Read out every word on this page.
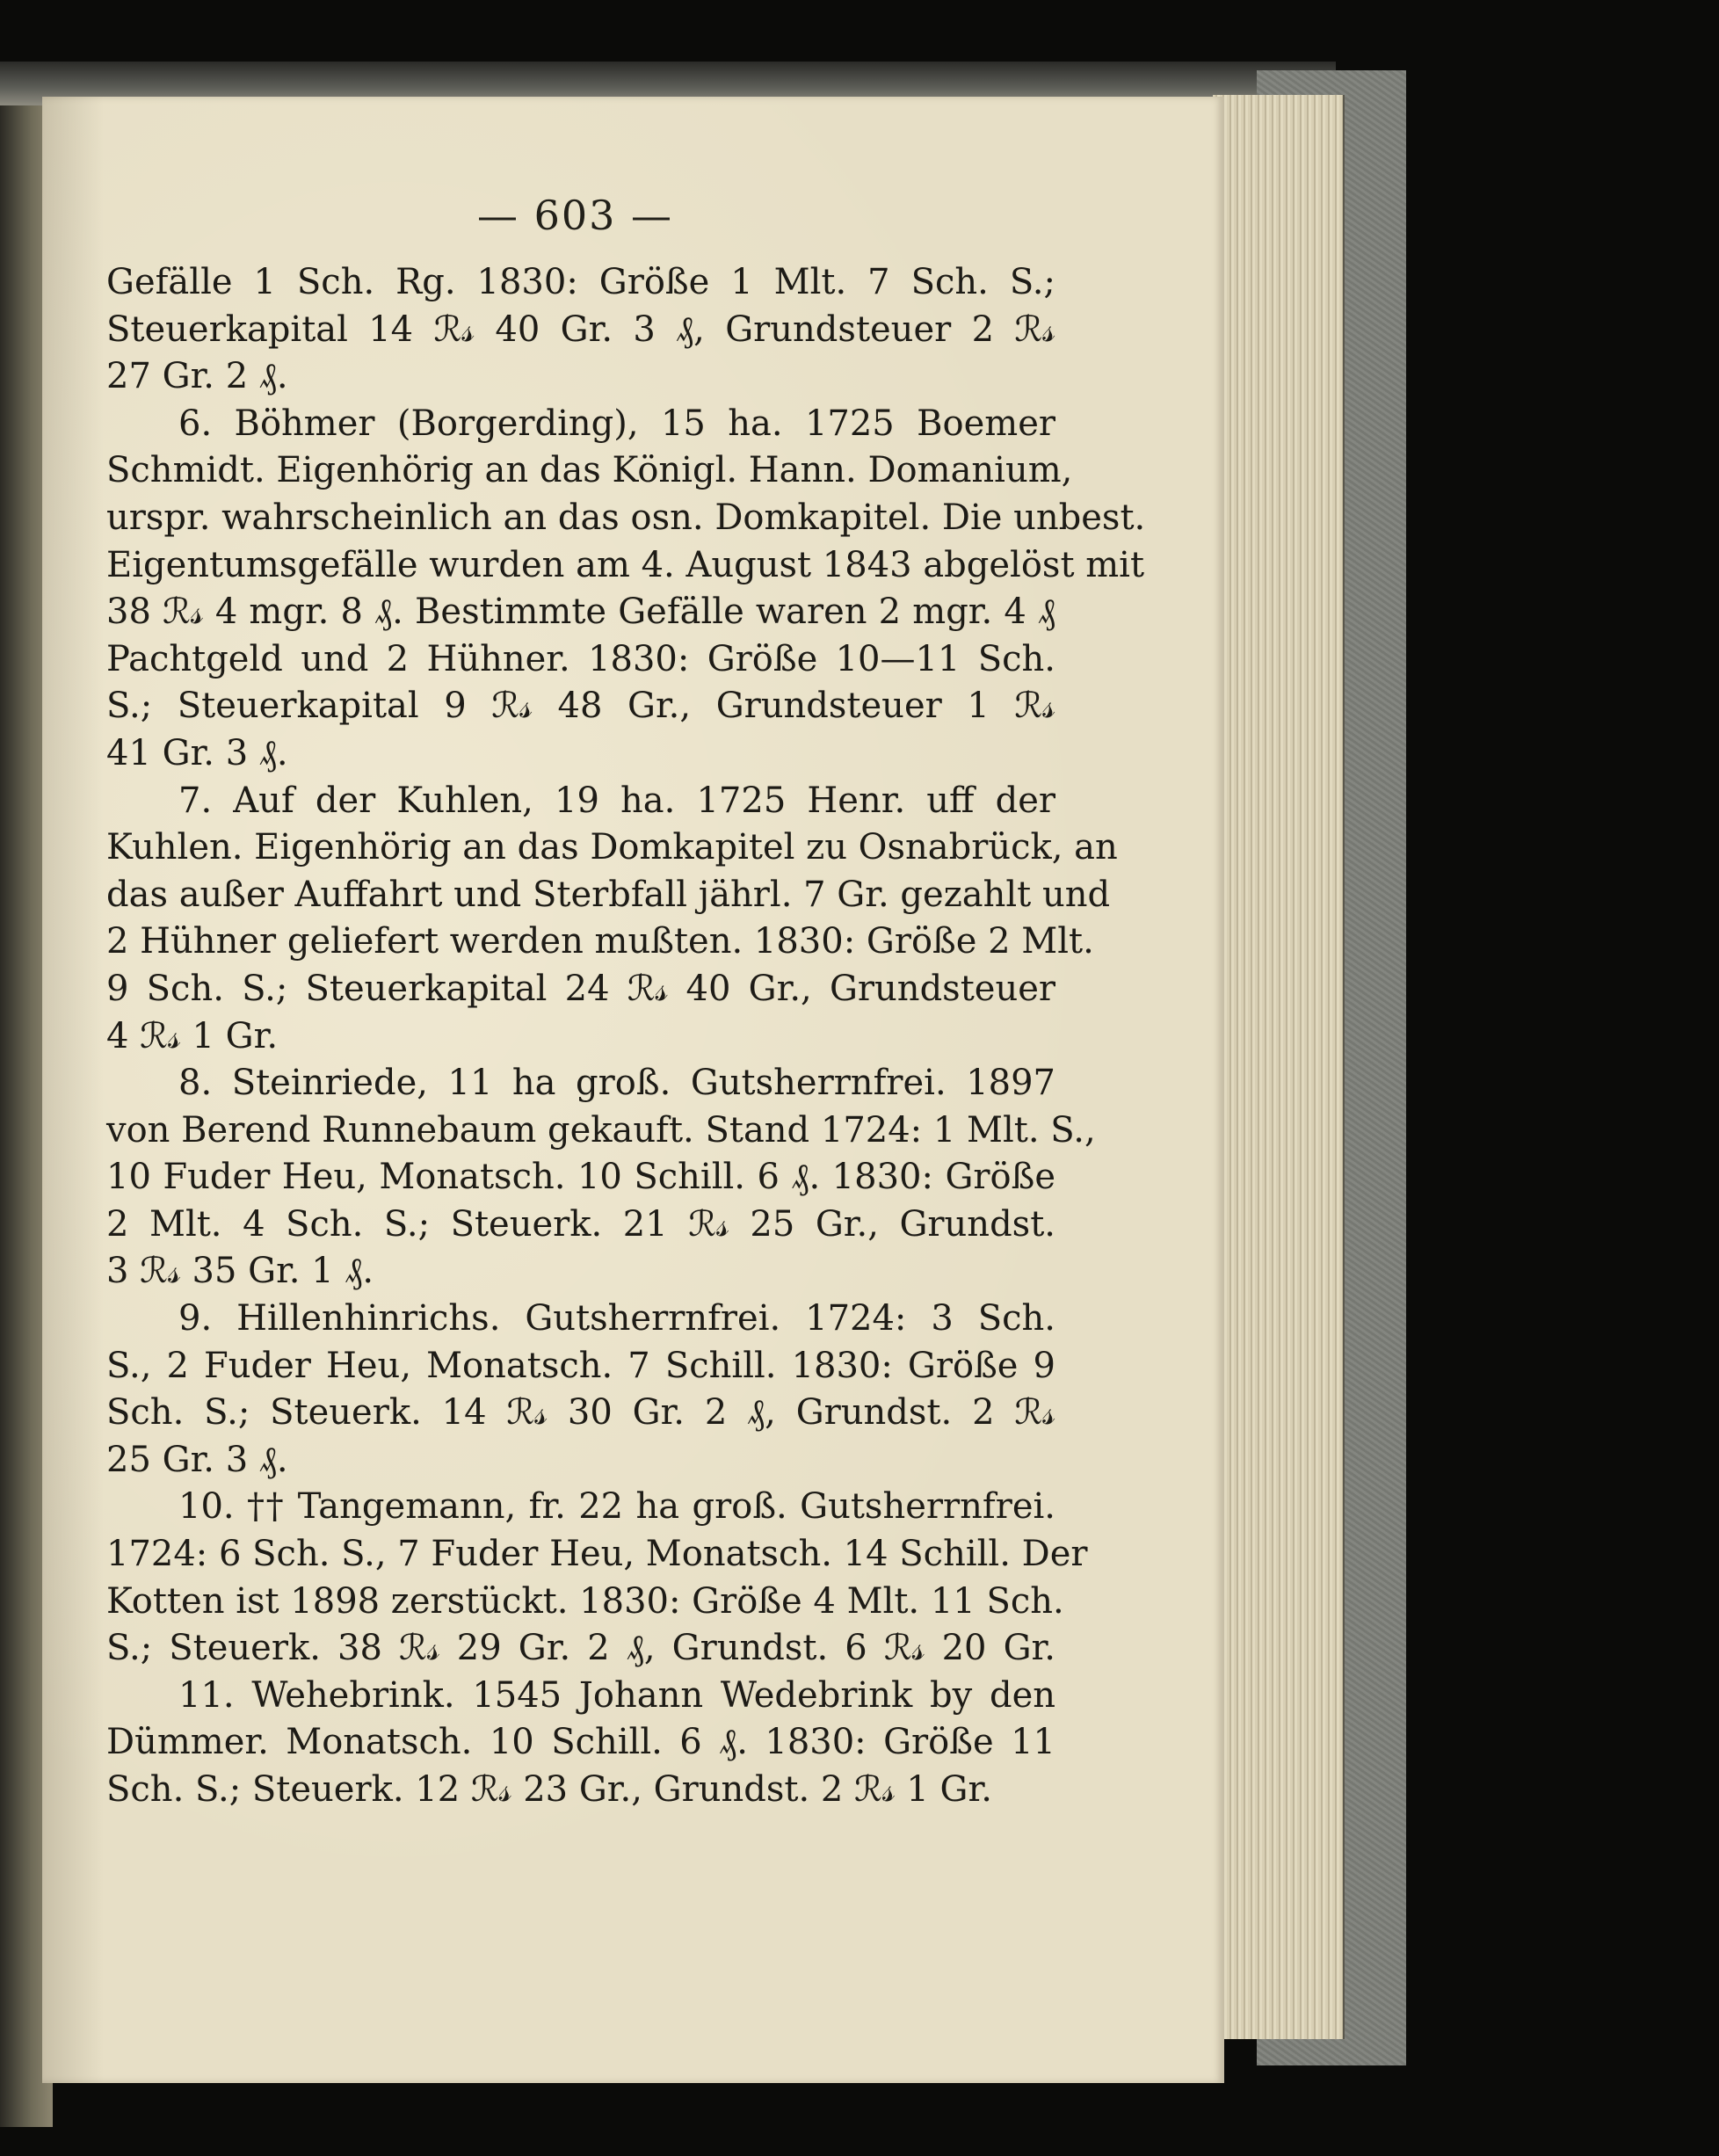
— 603 —
Gefälle 1 Sch. Rg. 1830: Größe 1 Mlt. 7 Sch. S.;
Steuerkapital 14 ℛ𝓈 40 Gr. 3 ₰, Grundsteuer 2 ℛ𝓈
27 Gr. 2 ₰.
6. Böhmer (Borgerding), 15 ha. 1725 Boemer
Schmidt. Eigenhörig an das Königl. Hann. Domanium,
urspr. wahrscheinlich an das osn. Domkapitel. Die unbest.
Eigentumsgefälle wurden am 4. August 1843 abgelöst mit
38 ℛ𝓈 4 mgr. 8 ₰. Bestimmte Gefälle waren 2 mgr. 4 ₰
Pachtgeld und 2 Hühner. 1830: Größe 10—11 Sch.
S.; Steuerkapital 9 ℛ𝓈 48 Gr., Grundsteuer 1 ℛ𝓈
41 Gr. 3 ₰.
7. Auf der Kuhlen, 19 ha. 1725 Henr. uff der
Kuhlen. Eigenhörig an das Domkapitel zu Osnabrück, an
das außer Auffahrt und Sterbfall jährl. 7 Gr. gezahlt und
2 Hühner geliefert werden mußten. 1830: Größe 2 Mlt.
9 Sch. S.; Steuerkapital 24 ℛ𝓈 40 Gr., Grundsteuer
4 ℛ𝓈 1 Gr.
8. Steinriede, 11 ha groß. Gutsherrnfrei. 1897
von Berend Runnebaum gekauft. Stand 1724: 1 Mlt. S.,
10 Fuder Heu, Monatsch. 10 Schill. 6 ₰. 1830: Größe
2 Mlt. 4 Sch. S.; Steuerk. 21 ℛ𝓈 25 Gr., Grundst.
3 ℛ𝓈 35 Gr. 1 ₰.
9. Hillenhinrichs. Gutsherrnfrei. 1724: 3 Sch.
S., 2 Fuder Heu, Monatsch. 7 Schill. 1830: Größe 9
Sch. S.; Steuerk. 14 ℛ𝓈 30 Gr. 2 ₰, Grundst. 2 ℛ𝓈
25 Gr. 3 ₰.
10. †† Tangemann, fr. 22 ha groß. Gutsherrnfrei.
1724: 6 Sch. S., 7 Fuder Heu, Monatsch. 14 Schill. Der
Kotten ist 1898 zerstückt. 1830: Größe 4 Mlt. 11 Sch.
S.; Steuerk. 38 ℛ𝓈 29 Gr. 2 ₰, Grundst. 6 ℛ𝓈 20 Gr.
11. Wehebrink. 1545 Johann Wedebrink by den
Dümmer. Monatsch. 10 Schill. 6 ₰. 1830: Größe 11
Sch. S.; Steuerk. 12 ℛ𝓈 23 Gr., Grundst. 2 ℛ𝓈 1 Gr.
